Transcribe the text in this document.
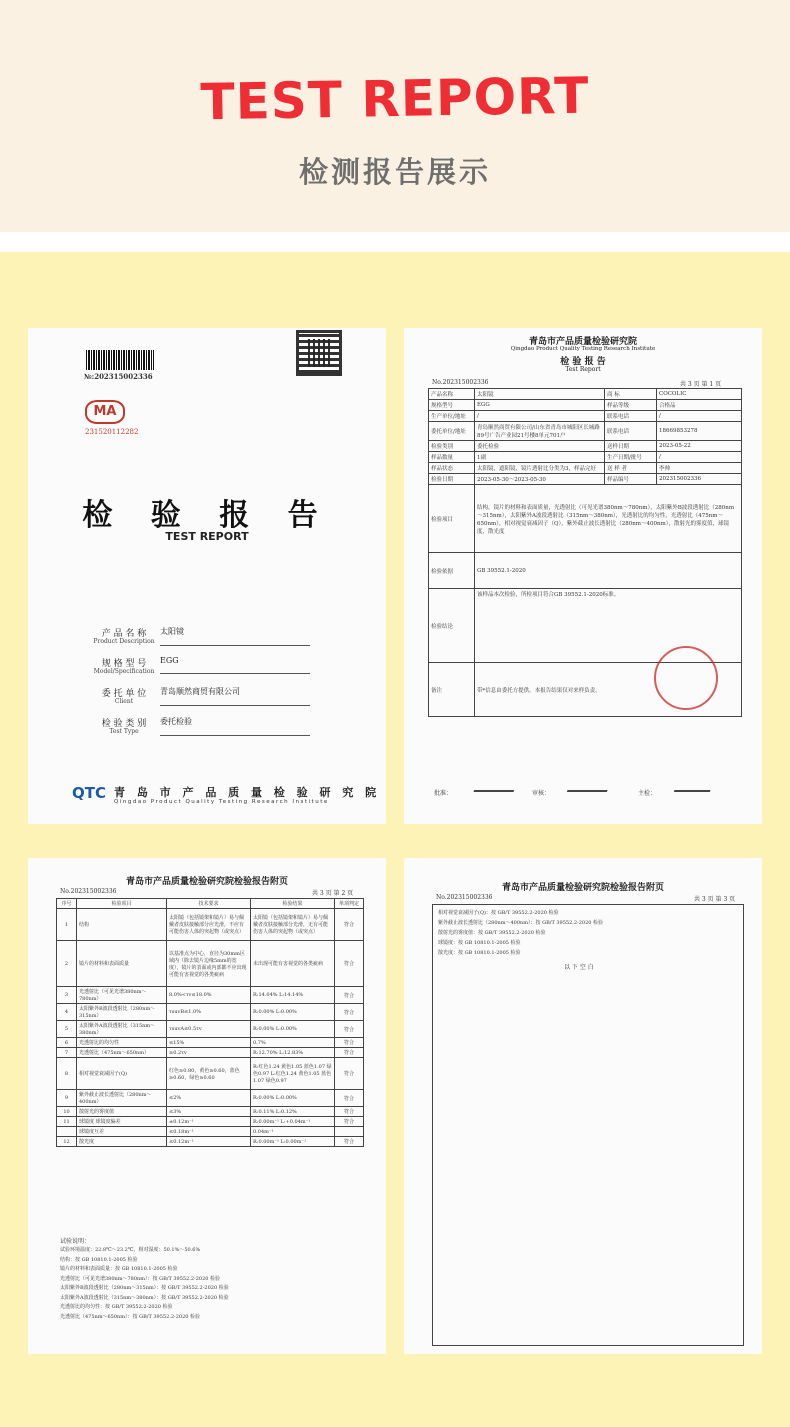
TEST REPORT
检测报告展示
№:202315002336
MA
231520112282
检 验 报 告
TEST REPORT
产 品 名 称
Product Description
太阳镜
规 格 型 号
Model/Specification
EGG
委 托 单 位
Client
青岛顺然商贸有限公司
检 验 类 别
Test Type
委托检验
QTC 青 岛 市 产 品 质 量 检 验 研 究 院
Qingdao Product Quality Testing Research Institute
青岛市产品质量检验研究院
Qingdao Product Quality Testing Research Institute
检 验 报 告
Test Report
No.202315002336	共 3 页 第 1 页
产品名称	太阳镜	商 标	COCOLIC
规格型号	EGG	样品等级	合格品
生产单位/地址	/	联系电话	/
委托单位/地址	青岛顺然商贸有限公司/山东省青岛市城阳区长城路89号广告产业园21号楼8单元701户	联系电话	18669853278
检验类别	委托检验	送样日期	2023-05-22
样品数量	1副	生产日期/批号	/
样品状态	太阳镜，遮阳镜，镜片透射比分类为3，样品完好	送 样 者	李帅
检验日期	2023-05-30～2023-05-30	样品编号	202315002336
检验项目	结构，镜片的材料和表面质量，光透射比（可见光谱380nm～780nm），太阳紫外B波段透射比（280nm～315nm），太阳紫外A波段透射比（315nm～380nm），光透射比的均匀性，光透射比（475nm～650nm），相对视觉衰减因子（Q），紫外截止波长透射比（280nm～400nm），散射光的雾度值，球镜度，散光度		
检验依据	GB 39552.1-2020		
检验结论	该样品本次检验，所检项目符合GB 39552.1-2020标准。		
备注	带*信息由委托方提供。本报告结果仅对来样负责。		
批准：	审核：	主检：
青岛市产品质量检验研究院检验报告附页
No.202315002336	共 3 页 第 2 页
序号	检验项目	技术要求	检验结果	单项判定
1	结构	太阳镜（包括镜架和镜片）易与佩戴者皮肤接触部分应光滑，不应有可能伤害人体的突起物（或突点）	太阳镜（包括镜架和镜片）易与佩戴者皮肤接触部分光滑，无有可能伤害人体的突起物（或突点）	符合
2	镜片的材料和表面质量	以基准点为中心，直径为30mm区域内（除去镜片边缘5mm的宽度），镜片的表面或内部都不应出现可能有害视觉的各类疵病	未出现可能有害视觉的各类疵病	符合
3	光透射比（可见光谱380nm～780nm）	8.0%<τv≤18.0%	R:14.04% L:14.14%	符合
4	太阳紫外B波段透射比（280nm～315nm）	τsuvB≤1.0%	R:0.00% L:0.00%	符合
5	太阳紫外A波段透射比（315nm～380nm）	τsuvA≤0.5τv	R:0.00% L:0.00%	符合
6	光透射比的均匀性	≤15%	0.7%	符合
7	光透射比（475nm～650nm）	≥0.2τv	R:12.70% L:12.83%	符合
8	相对视觉衰减因子(Q)	红色≥0.80，黄色≥0.60，蓝色≥0.60，绿色≥0.60	R:红色1.24 黄色1.05 蓝色1.07 绿色0.97 L:红色1.24 黄色1.05 蓝色1.07 绿色0.97	符合
9	紫外截止波长透射比（280nm～400nm）	≤2%	R:0.00% L:0.00%	符合
10	散射光的雾度值	≤3%	R:0.11% L:0.12%	符合
11	球镜度 球镜度偏差	±0.12m⁻¹	R:0.00m⁻¹ L:+0.04m⁻¹	符合
	球镜度互差	≤0.18m⁻¹	0.04m⁻¹	
12	散光度	≤0.12m⁻¹	R:0.00m⁻¹ L:0.00m⁻¹	符合
试验说明：
试验环境温度：22.8℃～23.2℃，相对湿度：50.1%～50.6%
结构：按 GB 10810.1-2005 检验
镜片的材料和表面质量：按 GB 10810.1-2005 检验
光透射比（可见光谱380nm～780nm）：按 GB/T 39552.2-2020 检验
太阳紫外B波段透射比（280nm～315nm）：按 GB/T 39552.2-2020 检验
太阳紫外A波段透射比（315nm～380nm）：按 GB/T 39552.2-2020 检验
光透射比的均匀性：按 GB/T 39552.2-2020 检验
光透射比（475nm～650nm）：按 GB/T 39552.2-2020 检验
青岛市产品质量检验研究院检验报告附页
No.202315002336	共 3 页 第 3 页
相对视觉衰减因子(Q)：按 GB/T 39552.2-2020 检验
紫外截止波长透射比（280nm～400nm）：按 GB/T 39552.2-2020 检验
散射光的雾度值：按 GB/T 39552.2-2020 检验
球镜度：按 GB 10810.1-2005 检验
散光度：按 GB 10810.1-2005 检验
以 下 空 白
